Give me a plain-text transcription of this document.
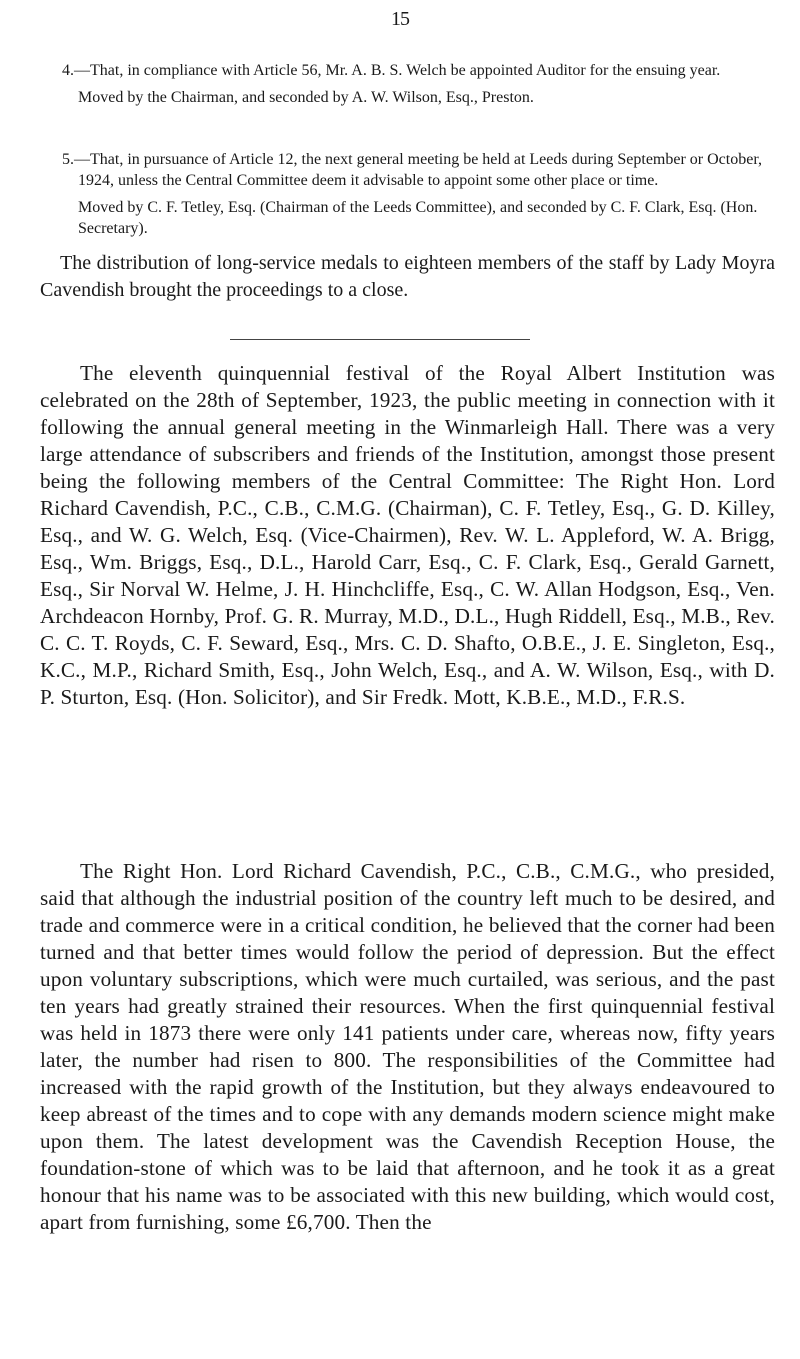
15

4.—That, in compliance with Article 56, Mr. A. B. S. Welch be appointed Auditor for the ensuing year.

Moved by the Chairman, and seconded by A. W. Wilson, Esq., Preston.

5.—That, in pursuance of Article 12, the next general meeting be held at Leeds during September or October, 1924, unless the Central Committee deem it advisable to appoint some other place or time.

Moved by C. F. Tetley, Esq. (Chairman of the Leeds Committee), and seconded by C. F. Clark, Esq. (Hon. Secretary).

The distribution of long-service medals to eighteen members of the staff by Lady Moyra Cavendish brought the proceedings to a close.

The eleventh quinquennial festival of the Royal Albert Institution was celebrated on the 28th of September, 1923, the public meeting in connection with it following the annual general meeting in the Winmarleigh Hall. There was a very large attendance of subscribers and friends of the Institution, amongst those present being the following members of the Central Committee: The Right Hon. Lord Richard Cavendish, P.C., C.B., C.M.G. (Chairman), C. F. Tetley, Esq., G. D. Killey, Esq., and W. G. Welch, Esq. (Vice-Chairmen), Rev. W. L. Appleford, W. A. Brigg, Esq., Wm. Briggs, Esq., D.L., Harold Carr, Esq., C. F. Clark, Esq., Gerald Garnett, Esq., Sir Norval W. Helme, J. H. Hinchcliffe, Esq., C. W. Allan Hodgson, Esq., Ven. Archdeacon Hornby, Prof. G. R. Murray, M.D., D.L., Hugh Riddell, Esq., M.B., Rev. C. C. T. Royds, C. F. Seward, Esq., Mrs. C. D. Shafto, O.B.E., J. E. Singleton, Esq., K.C., M.P., Richard Smith, Esq., John Welch, Esq., and A. W. Wilson, Esq., with D. P. Sturton, Esq. (Hon. Solicitor), and Sir Fredk. Mott, K.B.E., M.D., F.R.S.

The Right Hon. Lord Richard Cavendish, P.C., C.B., C.M.G., who presided, said that although the industrial position of the country left much to be desired, and trade and commerce were in a critical condition, he believed that the corner had been turned and that better times would follow the period of depression. But the effect upon voluntary subscriptions, which were much curtailed, was serious, and the past ten years had greatly strained their resources. When the first quinquennial festival was held in 1873 there were only 141 patients under care, whereas now, fifty years later, the number had risen to 800. The responsibilities of the Committee had increased with the rapid growth of the Institution, but they always endeavoured to keep abreast of the times and to cope with any demands modern science might make upon them. The latest development was the Cavendish Reception House, the foundation-stone of which was to be laid that afternoon, and he took it as a great honour that his name was to be associated with this new building, which would cost, apart from furnishing, some £6,700. Then the
